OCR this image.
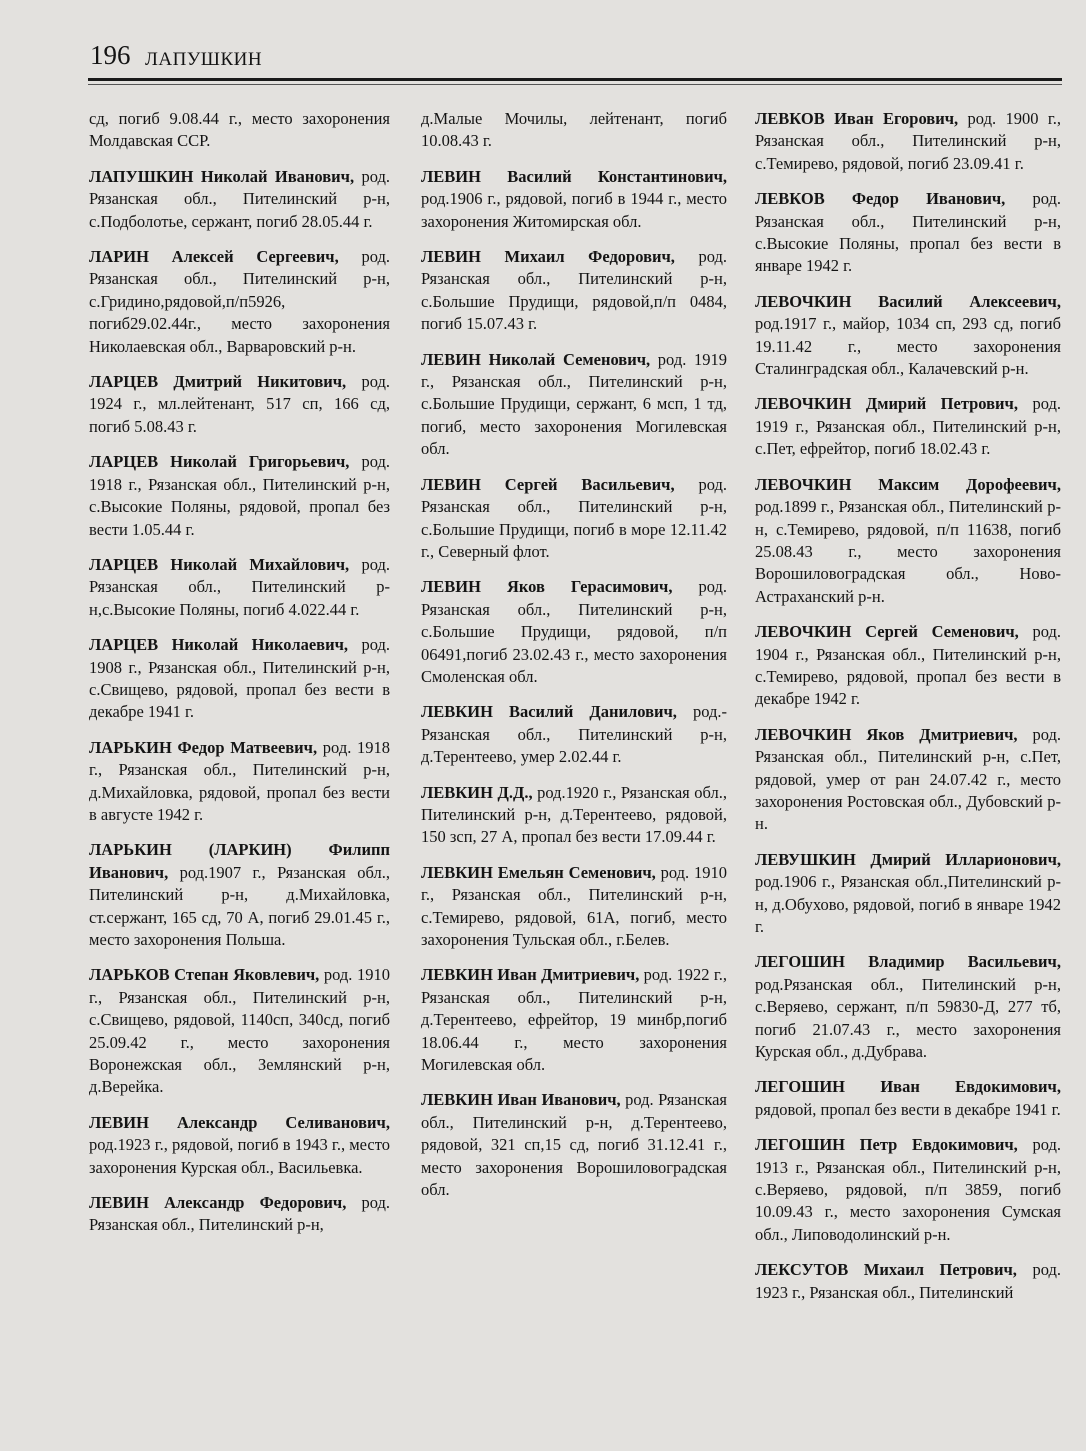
196 ЛАПУШКИН

сд, погиб 9.08.44 г., место захоронения Молдавская ССР.

ЛАПУШКИН Николай Иванович, род. Рязанская обл., Пителинский р-н, с.Подболотье, сержант, погиб 28.05.44 г.

ЛАРИН Алексей Сергеевич, род. Рязанская обл., Пителинский р-н, с.Гридино,рядовой,п/п5926, погиб29.02.44г., место захоронения Николаевская обл., Варваровский р-н.

ЛАРЦЕВ Дмитрий Никитович, род. 1924 г., мл.лейтенант, 517 сп, 166 сд, погиб 5.08.43 г.

ЛАРЦЕВ Николай Григорьевич, род. 1918 г., Рязанская обл., Пителинский р-н, с.Высокие Поляны, рядовой, пропал без вести 1.05.44 г.

ЛАРЦЕВ Николай Михайлович, род. Рязанская обл., Пителинский р-н,с.Высокие Поляны, погиб 4.022.44 г.

ЛАРЦЕВ Николай Николаевич, род. 1908 г., Рязанская обл., Пителинский р-н, с.Свищево, рядовой, пропал без вести в декабре 1941 г.

ЛАРЬКИН Федор Матвеевич, род. 1918 г., Рязанская обл., Пителинский р-н, д.Михайловка, рядовой, пропал без вести в августе 1942 г.

ЛАРЬКИН (ЛАРКИН) Филипп Иванович, род.1907 г., Рязанская обл., Пителинский р-н, д.Михайловка, ст.сержант, 165 сд, 70 А, погиб 29.01.45 г., место захоронения Польша.

ЛАРЬКОВ Степан Яковлевич, род. 1910 г., Рязанская обл., Пителинский р-н, с.Свищево, рядовой, 1140сп, 340сд, погиб 25.09.42 г., место захоронения Воронежская обл., Землянский р-н, д.Верейка.

ЛЕВИН Александр Селиванович, род.1923 г., рядовой, погиб в 1943 г., место захоронения Курская обл., Васильевка.

ЛЕВИН Александр Федорович, род. Рязанская обл., Пителинский р-н,

д.Малые Мочилы, лейтенант, погиб 10.08.43 г.

ЛЕВИН Василий Константинович, род.1906 г., рядовой, погиб в 1944 г., место захоронения Житомирская обл.

ЛЕВИН Михаил Федорович, род. Рязанская обл., Пителинский р-н, с.Большие Прудищи, рядовой,п/п 0484, погиб 15.07.43 г.

ЛЕВИН Николай Семенович, род. 1919 г., Рязанская обл., Пителинский р-н, с.Большие Прудищи, сержант, 6 мсп, 1 тд, погиб, место захоронения Могилевская обл.

ЛЕВИН Сергей Васильевич, род. Рязанская обл., Пителинский р-н, с.Большие Прудищи, погиб в море 12.11.42 г., Северный флот.

ЛЕВИН Яков Герасимович, род. Рязанская обл., Пителинский р-н, с.Большие Прудищи, рядовой, п/п 06491,погиб 23.02.43 г., место захоронения Смоленская обл.

ЛЕВКИН Василий Данилович, род.- Рязанская обл., Пителинский р-н, д.Терентеево, умер 2.02.44 г.

ЛЕВКИН Д.Д., род.1920 г., Рязанская обл., Пителинский р-н, д.Терентеево, рядовой, 150 зсп, 27 А, пропал без вести 17.09.44 г.

ЛЕВКИН Емельян Семенович, род. 1910 г., Рязанская обл., Пителинский р-н, с.Темирево, рядовой, 61А, погиб, место захоронения Тульская обл., г.Белев.

ЛЕВКИН Иван Дмитриевич, род. 1922 г., Рязанская обл., Пителинский р-н, д.Терентеево, ефрейтор, 19 минбр,погиб 18.06.44 г., место захоронения Могилевская обл.

ЛЕВКИН Иван Иванович, род. Рязанская обл., Пителинский р-н, д.Терентеево, рядовой, 321 сп,15 сд, погиб 31.12.41 г., место захоронения Ворошиловоградская обл.

ЛЕВКОВ Иван Егорович, род. 1900 г., Рязанская обл., Пителинский р-н, с.Темирево, рядовой, погиб 23.09.41 г.

ЛЕВКОВ Федор Иванович, род. Рязанская обл., Пителинский р-н, с.Высокие Поляны, пропал без вести в январе 1942 г.

ЛЕВОЧКИН Василий Алексеевич, род.1917 г., майор, 1034 сп, 293 сд, погиб 19.11.42 г., место захоронения Сталинградская обл., Калачевский р-н.

ЛЕВОЧКИН Дмирий Петрович, род. 1919 г., Рязанская обл., Пителинский р-н, с.Пет, ефрейтор, погиб 18.02.43 г.

ЛЕВОЧКИН Максим Дорофеевич, род.1899 г., Рязанская обл., Пителинский р-н, с.Темирево, рядовой, п/п 11638, погиб 25.08.43 г., место захоронения Ворошиловоградская обл., Ново-Астраханский р-н.

ЛЕВОЧКИН Сергей Семенович, род. 1904 г., Рязанская обл., Пителинский р-н, с.Темирево, рядовой, пропал без вести в декабре 1942 г.

ЛЕВОЧКИН Яков Дмитриевич, род. Рязанская обл., Пителинский р-н, с.Пет, рядовой, умер от ран 24.07.42 г., место захоронения Ростовская обл., Дубовский р-н.

ЛЕВУШКИН Дмирий Илларионович, род.1906 г., Рязанская обл.,Пителинский р-н, д.Обухово, рядовой, погиб в январе 1942 г.

ЛЕГОШИН Владимир Васильевич, род.Рязанская обл., Пителинский р-н, с.Веряево, сержант, п/п 59830-Д, 277 тб, погиб 21.07.43 г., место захоронения Курская обл., д.Дубрава.

ЛЕГОШИН Иван Евдокимович, рядовой, пропал без вести в декабре 1941 г.

ЛЕГОШИН Петр Евдокимович, род. 1913 г., Рязанская обл., Пителинский р-н, с.Веряево, рядовой, п/п 3859, погиб 10.09.43 г., место захоронения Сумская обл., Липоводолинский р-н.

ЛЕКСУТОВ Михаил Петрович, род. 1923 г., Рязанская обл., Пителинский
